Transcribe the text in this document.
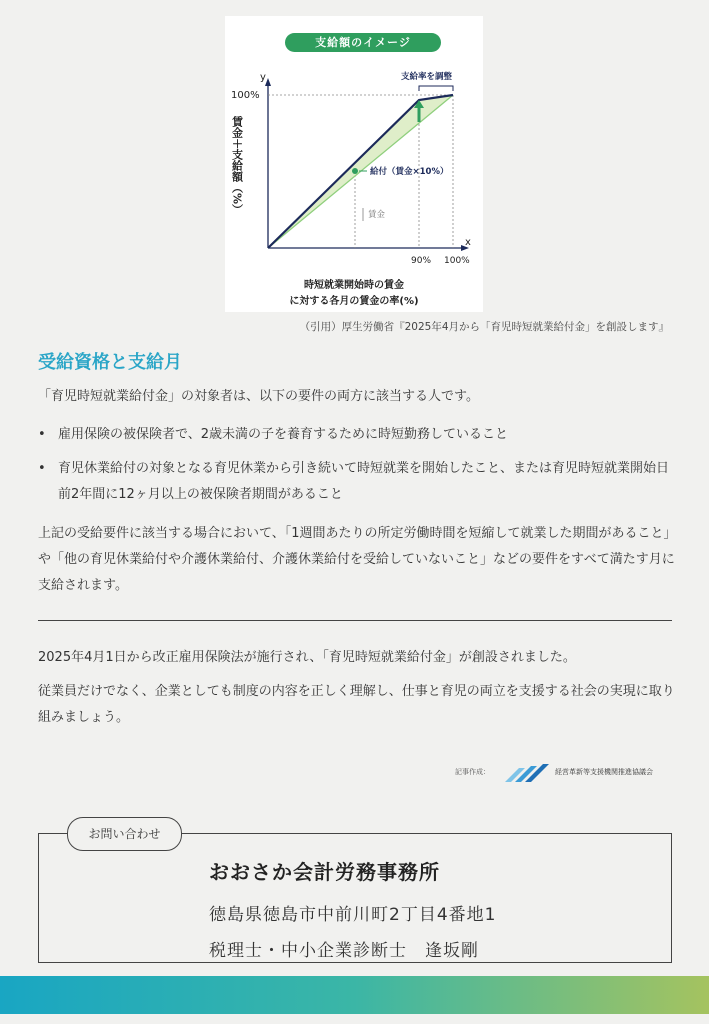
支給額のイメージ
y
100%
x
90% 100%
支給率を調整
給付（賃金×10%）
賃金
時短就業開始時の賃金
に対する各月の賃金の率(%)
賃金＋支給額（%）
（引用）厚生労働省『2025年4月から「育児時短就業給付金」を創設します』
受給資格と支給月
「育児時短就業給付金」の対象者は、以下の要件の両方に該当する人です。
• 雇用保険の被保険者で、2歳未満の子を養育するために時短勤務していること
• 育児休業給付の対象となる育児休業から引き続いて時短就業を開始したこと、または育児時短就業開始日前2年間に12ヶ月以上の被保険者期間があること
上記の受給要件に該当する場合において、「1週間あたりの所定労働時間を短縮して就業した期間があること」や「他の育児休業給付や介護休業給付、介護休業給付を受給していないこと」などの要件をすべて満たす月に支給されます。
2025年4月1日から改正雇用保険法が施行され、「育児時短就業給付金」が創設されました。
従業員だけでなく、企業としても制度の内容を正しく理解し、仕事と育児の両立を支援する社会の実現に取り組みましょう。
記事作成：	経営革新等支援機関推進協議会
お問い合わせ
おおさか会計労務事務所
徳島県徳島市中前川町2丁目4番地1
税理士・中小企業診断士　逢坂剛
